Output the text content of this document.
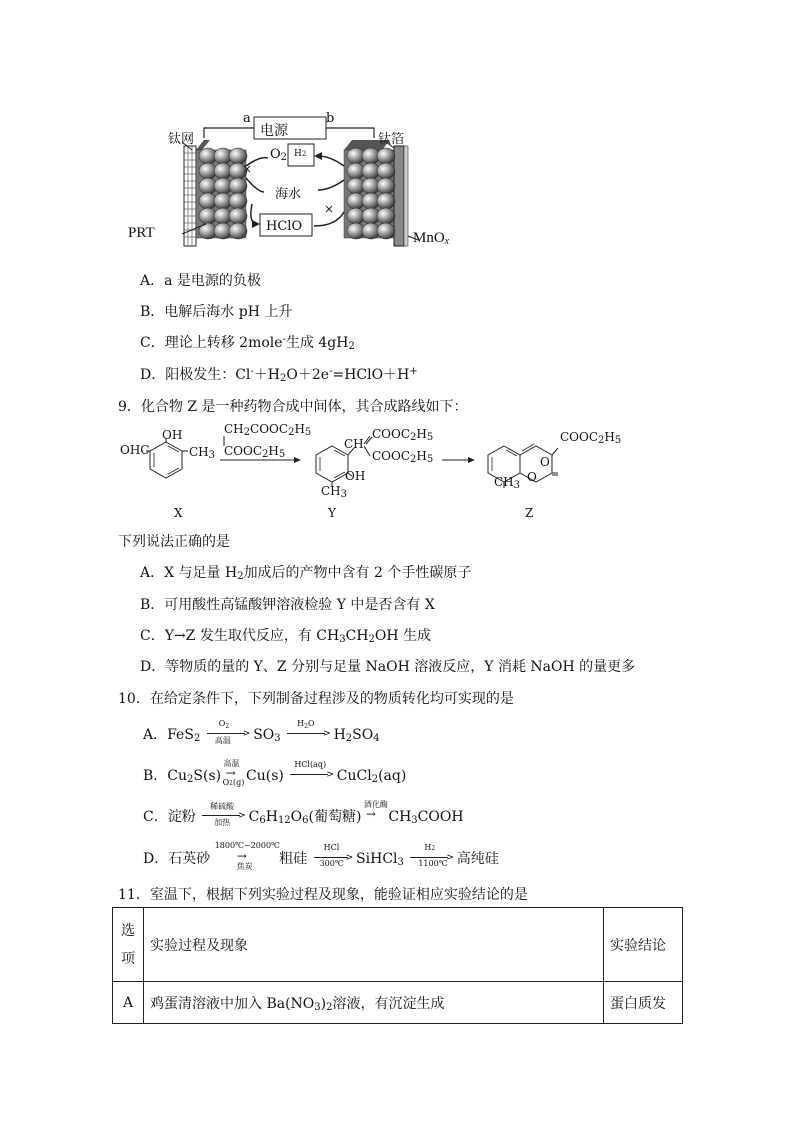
电源
a	b
钛网	钛箔
$O_2$ H2
海水
HClO
PRT	MnO$_x$
A．a 是电源的负极
B．电解后海水 pH 上升
C．理论上转移 2mole-生成 $4gH_2$
D．阳极发生：$Cl^-+H_2O+2e^-=HClO+H^+$
9．化合物 Z 是一种药物合成中间体，其合成路线如下：
OHC
OH
$CH_3$
$CH_2COOC_2H_5$
$COOC_2H_5$
CH
$COOC_2H_5$
$COOC_2H_5$
OH
$CH_3$
$COOC_2H_5$
O
O
$CH_3$
X	Y	Z
下列说法正确的是
A．X 与足量 $H_2$加成后的产物中含有 2 个手性碳原子
B．可用酸性高锰酸钾溶液检验 Y 中是否含有 X
C．Y→Z 发生取代反应，有 $CH_3CH_2OH$ 生成
D．等物质的量的 Y、Z 分别与足量 NaOH 溶液反应，Y 消耗 NaOH 的量更多
10．在给定条件下，下列制备过程涉及的物质转化均可实现的是
A．FeS$_2$
$O_2$
>
高温 $SO_3$
$H_2O$
> $H_2SO_4$
B．$Cu_2S(s)$
高温
→
O2(g) Cu(s)
HCl(aq)
> CuCl$_2$(aq)
C．淀粉
稀硫酸
>
加热 $C_6H_{12}O_6$(葡萄糖)
酒化酶
→ $CH_3COOH$
D．石英砂
1800℃~2000℃
→
焦炭 粗硅
HCl
>
300℃ SiHCl$_3$
H2
>
1100℃ 高纯硅
11．室温下，根据下列实验过程及现象，能验证相应实验结论的是
选项	实验过程及现象	实验结论
A	鸡蛋清溶液中加入 $Ba(NO_3)_2$溶液，有沉淀生成	蛋白质发
